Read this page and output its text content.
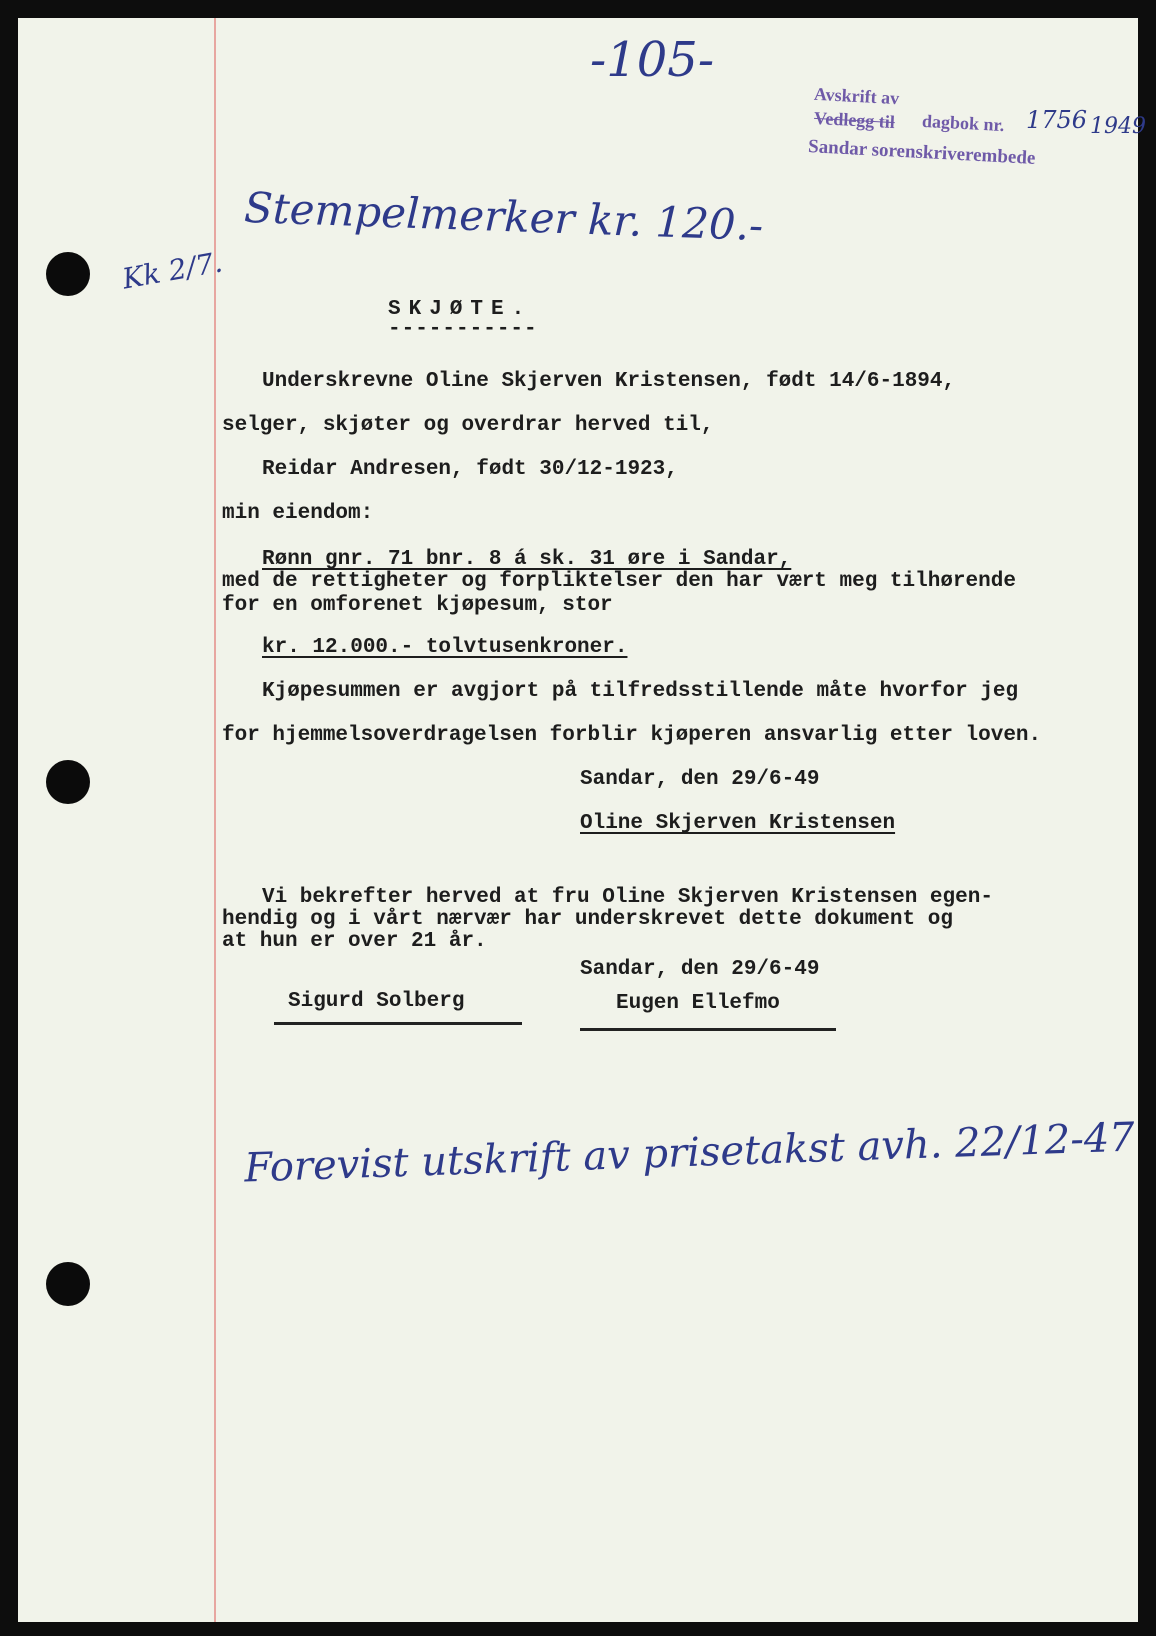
-105-
Avskrift av
Vedlegg til dagbok nr. 1756 1949
Sandar sorenskriverembede
Stempelmerker kr. 120.-
Kk 2/7.
SKJØTE.
-----------
Underskrevne Oline Skjerven Kristensen, født 14/6-1894,
selger, skjøter og overdrar herved til,
Reidar Andresen, født 30/12-1923,
min eiendom:
Rønn gnr. 71 bnr. 8 á sk. 31 øre i Sandar,
med de rettigheter og forpliktelser den har vært meg tilhørende
for en omforenet kjøpesum, stor
kr. 12.000.- tolvtusenkroner.
Kjøpesummen er avgjort på tilfredsstillende måte hvorfor jeg
for hjemmelsoverdragelsen forblir kjøperen ansvarlig etter loven.
Sandar, den 29/6-49
Oline Skjerven Kristensen
Vi bekrefter herved at fru Oline Skjerven Kristensen egen-
hendig og i vårt nærvær har underskrevet dette dokument og
at hun er over 21 år.
Sandar, den 29/6-49
Sigurd Solberg	Eugen Ellefmo
Forevist utskrift av prisetakst avh. 22/12-47
